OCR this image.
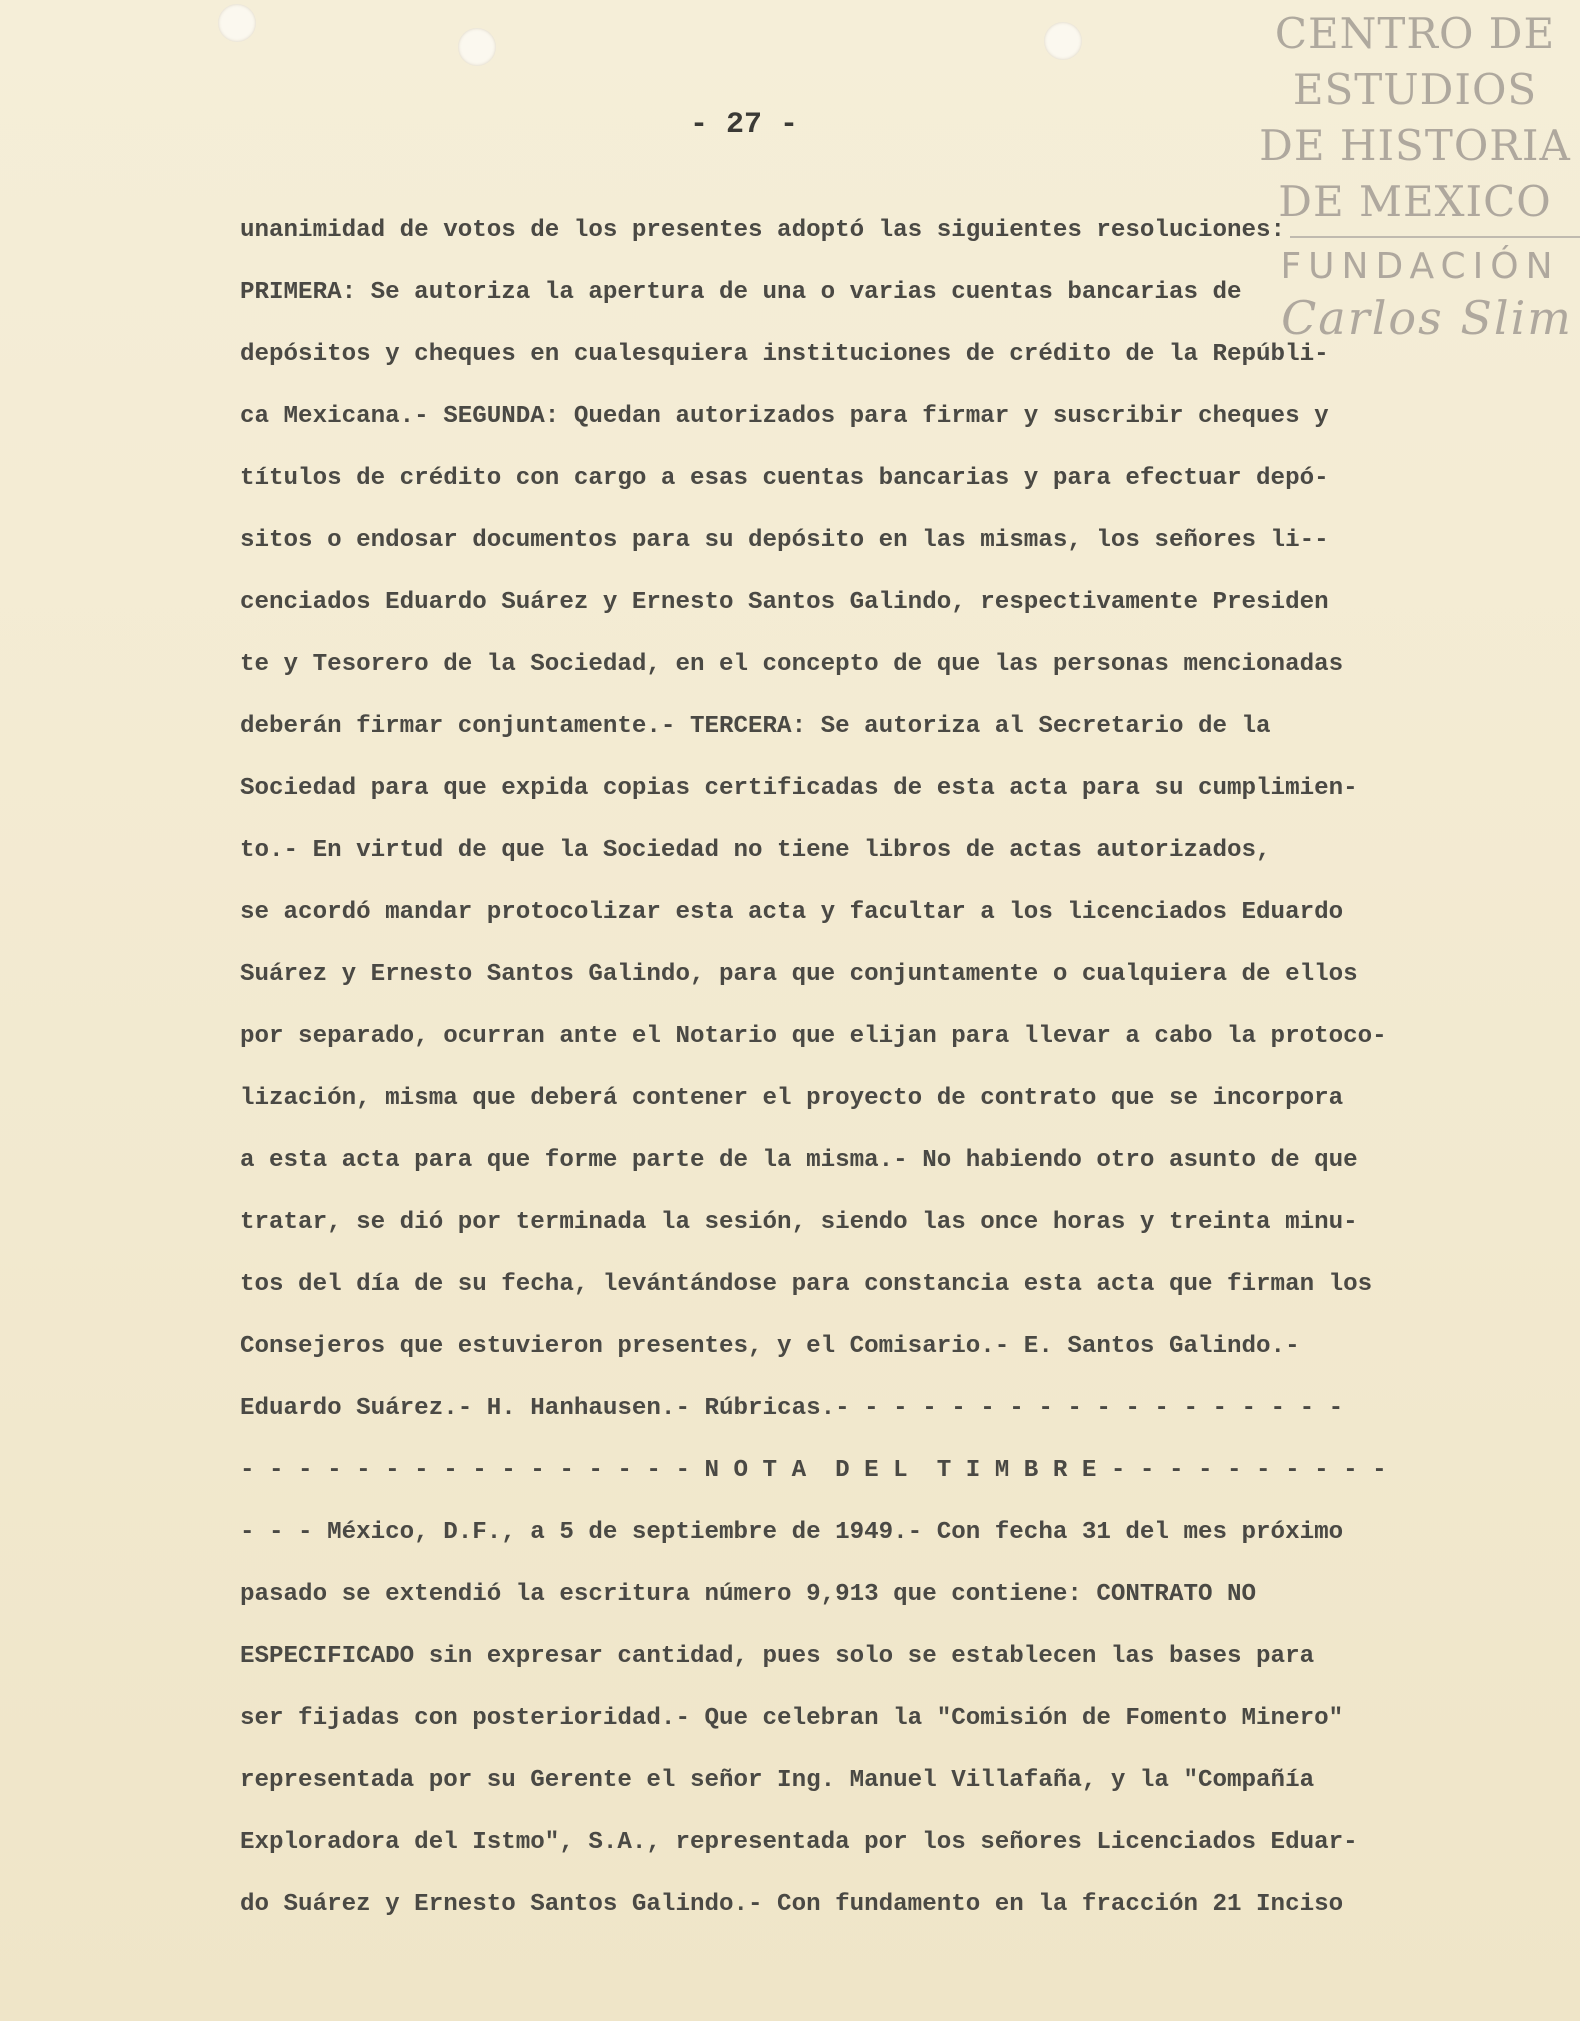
CENTRO DE
ESTUDIOS
DE HISTORIA
DE MEXICO
FUNDACIÓN
Carlos Slim
- 27 -
unanimidad de votos de los presentes adoptó las siguientes resoluciones:
PRIMERA: Se autoriza la apertura de una o varias cuentas bancarias de
depósitos y cheques en cualesquiera instituciones de crédito de la Repúbli-
ca Mexicana.- SEGUNDA: Quedan autorizados para firmar y suscribir cheques y
títulos de crédito con cargo a esas cuentas bancarias y para efectuar depó-
sitos o endosar documentos para su depósito en las mismas, los señores li--
cenciados Eduardo Suárez y Ernesto Santos Galindo, respectivamente Presiden
te y Tesorero de la Sociedad, en el concepto de que las personas mencionadas
deberán firmar conjuntamente.- TERCERA: Se autoriza al Secretario de la
Sociedad para que expida copias certificadas de esta acta para su cumplimien-
to.- En virtud de que la Sociedad no tiene libros de actas autorizados,
se acordó mandar protocolizar esta acta y facultar a los licenciados Eduardo
Suárez y Ernesto Santos Galindo, para que conjuntamente o cualquiera de ellos
por separado, ocurran ante el Notario que elijan para llevar a cabo la protoco-
lización, misma que deberá contener el proyecto de contrato que se incorpora
a esta acta para que forme parte de la misma.- No habiendo otro asunto de que
tratar, se dió por terminada la sesión, siendo las once horas y treinta minu-
tos del día de su fecha, levántándose para constancia esta acta que firman los
Consejeros que estuvieron presentes, y el Comisario.- E. Santos Galindo.-
Eduardo Suárez.- H. Hanhausen.- Rúbricas.- - - - - - - - - - - - - - - - - -
- - - - - - - - - - - - - - - - N O T A  D E L  T I M B R E - - - - - - - - - -
- - - México, D.F., a 5 de septiembre de 1949.- Con fecha 31 del mes próximo
pasado se extendió la escritura número 9,913 que contiene: CONTRATO NO
ESPECIFICADO sin expresar cantidad, pues solo se establecen las bases para
ser fijadas con posterioridad.- Que celebran la "Comisión de Fomento Minero"
representada por su Gerente el señor Ing. Manuel Villafaña, y la "Compañía
Exploradora del Istmo", S.A., representada por los señores Licenciados Eduar-
do Suárez y Ernesto Santos Galindo.- Con fundamento en la fracción 21 Inciso
